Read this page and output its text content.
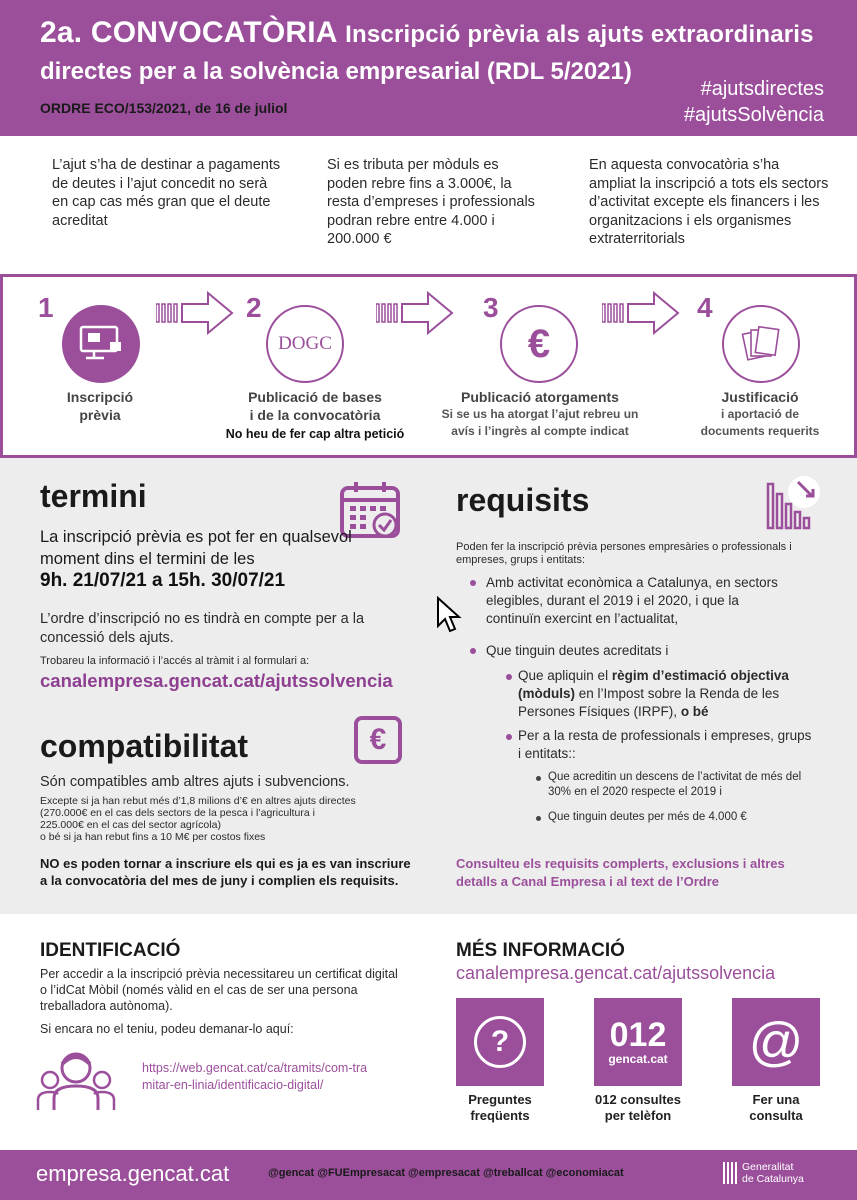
2a. CONVOCATÒRIA Inscripció prèvia als ajuts extraordinaris
directes per a la solvència empresarial (RDL 5/2021)
ORDRE ECO/153/2021, de 16 de juliol
#ajutsdirectes
#ajutsSolvència
L’ajut s’ha de destinar a pagaments de deutes i l’ajut concedit no serà en cap cas més gran que el deute acreditat
Si es tributa per mòduls es poden rebre fins a 3.000€, la resta d’empreses i professionals podran rebre entre 4.000 i 200.000 €
En aquesta convocatòria s’ha ampliat la inscripció a tots els sectors d’activitat excepte els financers i les organitzacions i els organismes extraterritorials
1
Inscripció
prèvia
2
DOGC
Publicació de bases
i de la convocatòria
No heu de fer cap altra petició
3
€
Publicació atorgaments
Si se us ha atorgat l’ajut rebreu un
avís i l’ingrès al compte indicat
4
Justificació
i aportació de
documents requerits
termini
La inscripció prèvia es pot fer en qualsevol moment dins el termini de les
9h. 21/07/21 a 15h. 30/07/21
L’ordre d’inscripció no es tindrà en compte per a la concessió dels ajuts.
Trobareu la informació i l’accés al tràmit i al formulari a:
canalempresa.gencat.cat/ajutssolvencia
compatibilitat	€
Són compatibles amb altres ajuts i subvencions.
Excepte si ja han rebut més d’1,8 milions d’€ en altres ajuts directes
(270.000€ en el cas dels sectors de la pesca i l’agricultura i
225.000€ en el cas del sector agrícola)
o bé si ja han rebut fins a 10 M€ per costos fixes
NO es poden tornar a inscriure els qui es ja es van inscriure a la convocatòria del mes de juny i complien els requisits.
requisits
Poden fer la inscripció prèvia persones empresàries o professionals i empreses, grups i entitats:
Amb activitat econòmica a Catalunya, en sectors elegibles, durant el 2019 i el 2020, i que la continuïn exercint en l’actualitat,
Que tinguin deutes acreditats i
Que apliquin el règim d’estimació objectiva (mòduls) en l’Impost sobre la Renda de les Persones Físiques (IRPF), o bé
Per a la resta de professionals i empreses, grups i entitats::
Que acreditin un descens de l’activitat de més del 30% en el 2020 respecte el 2019 i
Que tinguin deutes per més de 4.000 €
Consulteu els requisits complerts, exclusions i altres detalls a Canal Empresa i al text de l’Ordre
IDENTIFICACIÓ
Per accedir a la inscripció prèvia necessitareu un certificat digital o l’idCat Mòbil (només vàlid en el cas de ser una persona treballadora autònoma).
Si encara no el teniu, podeu demanar-lo aquí:
https://web.gencat.cat/ca/tramits/com-tra
mitar-en-linia/identificacio-digital/
MÉS INFORMACIÓ
canalempresa.gencat.cat/ajutssolvencia
?
Preguntes
freqüents
012
gencat.cat
012 consultes
per telèfon
@
Fer una
consulta
empresa.gencat.cat	@gencat @FUEmpresacat @empresacat @treballcat @economiacat	Generalitat
de Catalunya
